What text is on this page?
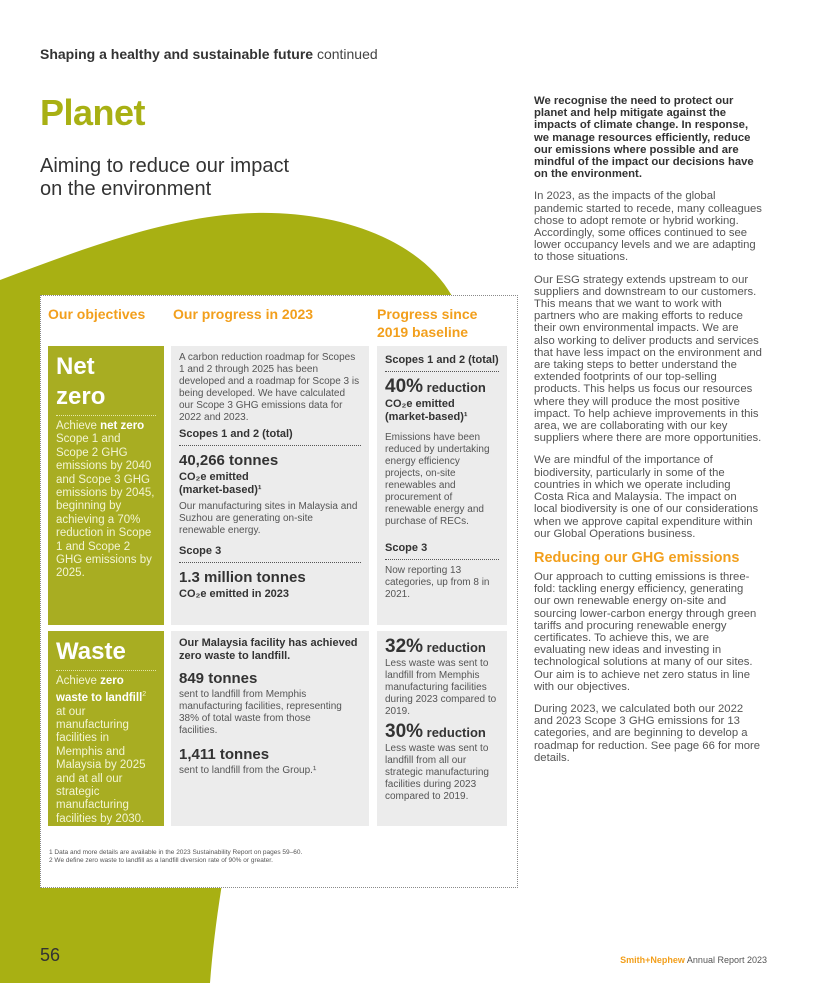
Shaping a healthy and sustainable future continued
Planet
Aiming to reduce our impact on the environment
Our objectives Our progress in 2023	Progress since 2019 baseline
Net zero
Achieve net zero Scope 1 and Scope 2 GHG emissions by 2040 and Scope 3 GHG emissions by 2045, beginning by achieving a 70% reduction in Scope 1 and Scope 2 GHG emissions by 2025.
A carbon reduction roadmap for Scopes 1 and 2 through 2025 has been developed and a roadmap for Scope 3 is being developed. We have calculated our Scope 3 GHG emissions data for 2022 and 2023.
Scopes 1 and 2 (total)
40,266 tonnes
CO₂e emitted (market-based)¹
Our manufacturing sites in Malaysia and Suzhou are generating on-site renewable energy.
Scope 3
1.3 million tonnes
CO₂e emitted in 2023
Scopes 1 and 2 (total)
40% reduction
CO₂e emitted (market-based)¹
Emissions have been reduced by undertaking energy efficiency projects, on-site renewables and procurement of renewable energy and purchase of RECs.
Scope 3
Now reporting 13 categories, up from 8 in 2021.
Waste
Achieve zero waste to landfill$^2$ at our manufacturing facilities in Memphis and Malaysia by 2025 and at all our strategic manufacturing facilities by 2030.
Our Malaysia facility has achieved zero waste to landfill.
849 tonnes
sent to landfill from Memphis manufacturing facilities, representing 38% of total waste from those facilities.
1,411 tonnes
sent to landfill from the Group.¹
32% reduction
Less waste was sent to landfill from Memphis manufacturing facilities during 2023 compared to 2019.
30% reduction
Less waste was sent to landfill from all our strategic manufacturing facilities during 2023 compared to 2019.
1 Data and more details are available in the 2023 Sustainability Report on pages 59–60.
2 We define zero waste to landfill as a landfill diversion rate of 90% or greater.
We recognise the need to protect our planet and help mitigate against the impacts of climate change. In response, we manage resources efficiently, reduce our emissions where possible and are mindful of the impact our decisions have on the environment.
In 2023, as the impacts of the global pandemic started to recede, many colleagues chose to adopt remote or hybrid working. Accordingly, some offices continued to see lower occupancy levels and we are adapting to those situations.
Our ESG strategy extends upstream to our suppliers and downstream to our customers. This means that we want to work with partners who are making efforts to reduce their own environmental impacts. We are also working to deliver products and services that have less impact on the environment and are taking steps to better understand the extended footprints of our top-selling products. This helps us focus our resources where they will produce the most positive impact. To help achieve improvements in this area, we are collaborating with our key suppliers where there are more opportunities.
We are mindful of the importance of biodiversity, particularly in some of the countries in which we operate including Costa Rica and Malaysia. The impact on local biodiversity is one of our considerations when we approve capital expenditure within our Global Operations business.
Reducing our GHG emissions
Our approach to cutting emissions is three-fold: tackling energy efficiency, generating our own renewable energy on-site and sourcing lower-carbon energy through green tariffs and procuring renewable energy certificates. To achieve this, we are evaluating new ideas and investing in technological solutions at many of our sites. Our aim is to achieve net zero status in line with our objectives.
During 2023, we calculated both our 2022 and 2023 Scope 3 GHG emissions for 13 categories, and are beginning to develop a roadmap for reduction. See page 66 for more details.
56	Smith+Nephew Annual Report 2023
